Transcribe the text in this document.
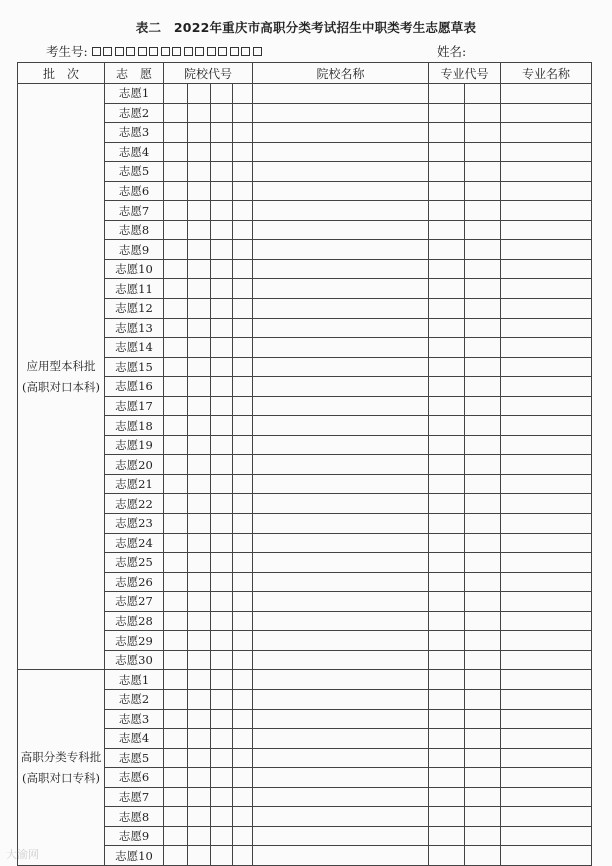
表二　2022年重庆市高职分类考试招生中职类考生志愿草表
考生号:	姓名:
批　次	志　愿	院校代号				院校名称	专业代号		专业名称

应用型本科批
(高职对口本科)	志愿1								
	志愿2								
	志愿3								
	志愿4								
	志愿5								
	志愿6								
	志愿7								
	志愿8								
	志愿9								
	志愿10								
	志愿11								
	志愿12								
	志愿13								
	志愿14								
	志愿15								
	志愿16								
	志愿17								
	志愿18								
	志愿19								
	志愿20								
	志愿21								
	志愿22								
	志愿23								
	志愿24								
	志愿25								
	志愿26								
	志愿27								
	志愿28								
	志愿29								
	志愿30								

高职分类专科批
(高职对口专科)	志愿1								
	志愿2								
	志愿3								
	志愿4								
	志愿5								
	志愿6								
	志愿7								
	志愿8								
	志愿9								
	志愿10								
大渝网
